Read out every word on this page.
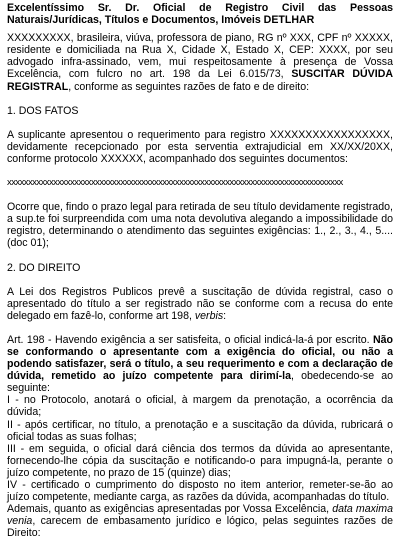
Excelentíssimo Sr. Dr. Oficial de Registro Civil das Pessoas Naturais/Jurídicas, Títulos e Documentos, Imóveis DETLHAR

XXXXXXXXX, brasileira, viúva, professora de piano, RG nº XXX, CPF nº XXXXX, residente e domiciliada na Rua X, Cidade X, Estado X, CEP: XXXX, por seu advogado infra-assinado, vem, mui respeitosamente à presença de Vossa Excelência, com fulcro no art. 198 da Lei 6.015/73, SUSCITAR DÚVIDA REGISTRAL, conforme as seguintes razões de fato e de direito:

1. DOS FATOS

A suplicante apresentou o requerimento para registro XXXXXXXXXXXXXXXXX, devidamente recepcionado por esta serventia extrajudicial em XX/XX/20XX, conforme protocolo XXXXXX, acompanhado dos seguintes documentos:

xxxxxxxxxxxxxxxxxxxxxxxxxxxxxxxxxxxxxxxxxxxxxxxxxxxxxxxxxxxxxxxxxxxxxxxxxxxxxxxx

Ocorre que, findo o prazo legal para retirada de seu título devidamente registrado, a sup.te foi surpreendida com uma nota devolutiva alegando a impossibilidade do registro, determinando o atendimento das seguintes exigências: 1., 2., 3., 4., 5.... (doc 01);

2. DO DIREITO

A Lei dos Registros Publicos prevê a suscitação de dúvida registral, caso o apresentado do título a ser registrado não se conforme com a recusa do ente delegado em fazê-lo, conforme art 198, verbis:

Art. 198 - Havendo exigência a ser satisfeita, o oficial indicá-la-á por escrito. Não se conformando o apresentante com a exigência do oficial, ou não a podendo satisfazer, será o título, a seu requerimento e com a declaração de dúvida, remetido ao juízo competente para dirimí-la, obedecendo-se ao seguinte:

I - no Protocolo, anotará o oficial, à margem da prenotação, a ocorrência da dúvida;

II - após certificar, no título, a prenotação e a suscitação da dúvida, rubricará o oficial todas as suas folhas;

III - em seguida, o oficial dará ciência dos termos da dúvida ao apresentante, fornecendo-lhe cópia da suscitação e notificando-o para impugná-la, perante o juízo competente, no prazo de 15 (quinze) dias;

IV - certificado o cumprimento do disposto no item anterior, remeter-se-ão ao juízo competente, mediante carga, as razões da dúvida, acompanhadas do título.

Ademais, quanto as exigências apresentadas por Vossa Excelência, data maxima venia, carecem de embasamento jurídico e lógico, pelas seguintes razões de Direito:
